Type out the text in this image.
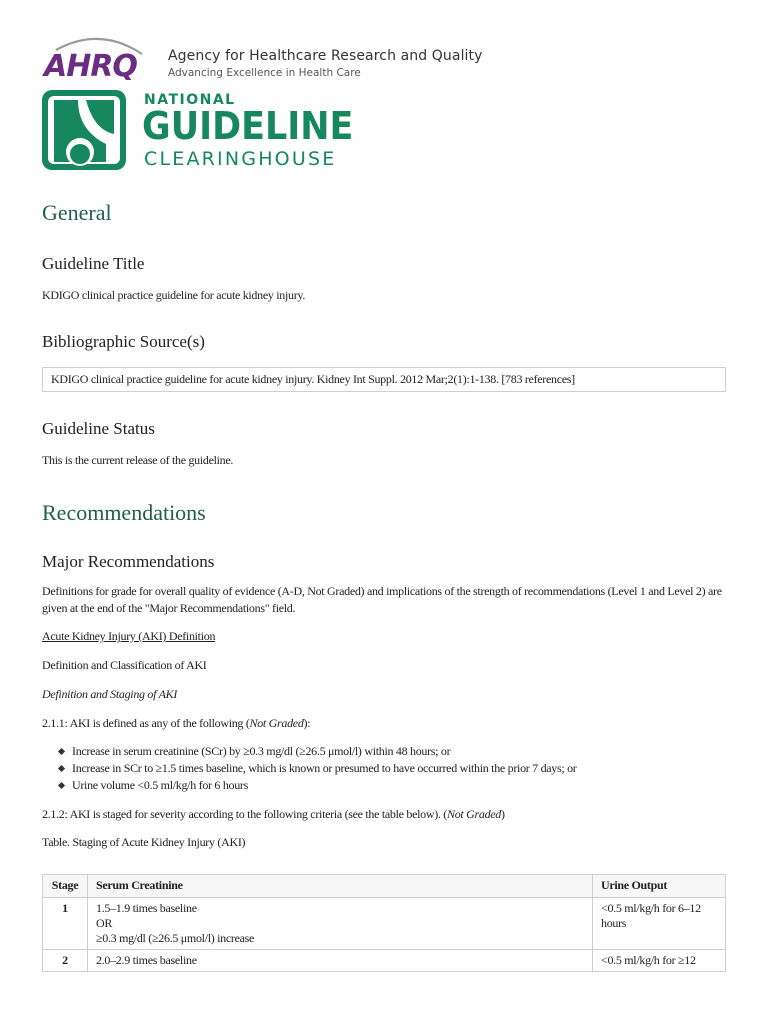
AHRQ Agency for Healthcare Research and Quality
Advancing Excellence in Health Care
NATIONAL
GUIDELINE
CLEARINGHOUSE
General
Guideline Title

KDIGO clinical practice guideline for acute kidney injury.

Bibliographic Source(s)
KDIGO clinical practice guideline for acute kidney injury. Kidney Int Suppl. 2012 Mar;2(1):1-138. [783 references]
Guideline Status

This is the current release of the guideline.

Recommendations
Major Recommendations

Definitions for grade for overall quality of evidence (A-D, Not Graded) and implications of the strength of recommendations (Level 1 and Level 2) are given at the end of the "Major Recommendations" field.

Acute Kidney Injury (AKI) Definition

Definition and Classification of AKI

Definition and Staging of AKI

2.1.1: AKI is defined as any of the following (Not Graded):

Increase in serum creatinine (SCr) by ≥0.3 mg/dl (≥26.5 μmol/l) within 48 hours; or
Increase in SCr to ≥1.5 times baseline, which is known or presumed to have occurred within the prior 7 days; or
Urine volume <0.5 ml/kg/h for 6 hours

2.1.2: AKI is staged for severity according to the following criteria (see the table below). (Not Graded)

Table. Staging of Acute Kidney Injury (AKI)

Stage	Serum Creatinine	Urine Output
1	1.5–1.9 times baseline
OR
≥0.3 mg/dl (≥26.5 μmol/l) increase	<0.5 ml/kg/h for 6–12 hours
2	2.0–2.9 times baseline	<0.5 ml/kg/h for ≥12
